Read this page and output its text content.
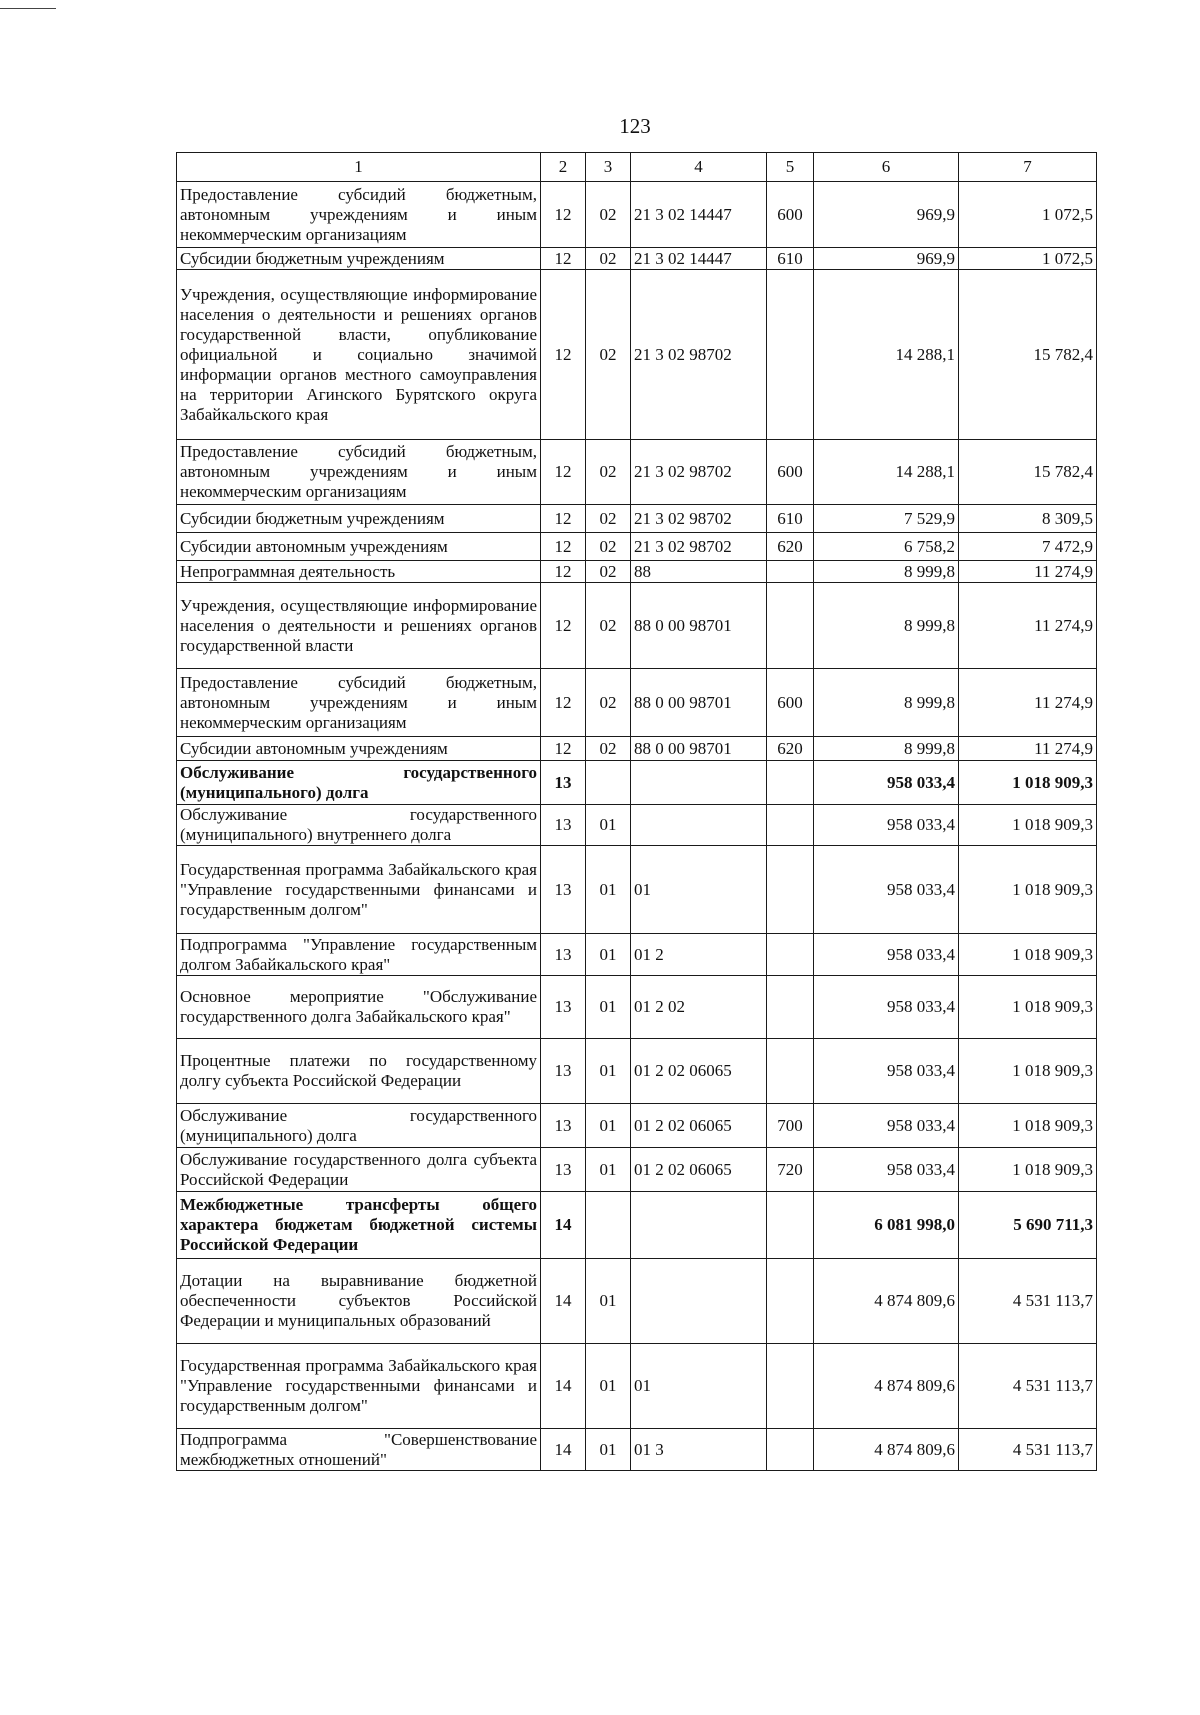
123
1	2	3	4	5	6	7
Предоставление субсидий бюджетным, автономным учреждениям и иным некоммерческим организациям	12	02	21 3 02 14447	600	969,9	1 072,5
Субсидии бюджетным учреждениям	12	02	21 3 02 14447	610	969,9	1 072,5
Учреждения, осуществляющие информирование населения о деятельности и решениях органов государственной власти, опубликование официальной и социально значимой информации органов местного самоуправления на территории Агинского Бурятского округа Забайкальского края	12	02	21 3 02 98702		14 288,1	15 782,4
Предоставление субсидий бюджетным, автономным учреждениям и иным некоммерческим организациям	12	02	21 3 02 98702	600	14 288,1	15 782,4
Субсидии бюджетным учреждениям	12	02	21 3 02 98702	610	7 529,9	8 309,5
Субсидии автономным учреждениям	12	02	21 3 02 98702	620	6 758,2	7 472,9
Непрограммная деятельность	12	02	88		8 999,8	11 274,9
Учреждения, осуществляющие информирование населения о деятельности и решениях органов государственной власти	12	02	88 0 00 98701		8 999,8	11 274,9
Предоставление субсидий бюджетным, автономным учреждениям и иным некоммерческим организациям	12	02	88 0 00 98701	600	8 999,8	11 274,9
Субсидии автономным учреждениям	12	02	88 0 00 98701	620	8 999,8	11 274,9
Обслуживание государственного (муниципального) долга	13				958 033,4	1 018 909,3
Обслуживание государственного (муниципального) внутреннего долга	13	01			958 033,4	1 018 909,3
Государственная программа Забайкальского края "Управление государственными финансами и государственным долгом"	13	01	01		958 033,4	1 018 909,3
Подпрограмма "Управление государственным долгом Забайкальского края"	13	01	01 2		958 033,4	1 018 909,3
Основное мероприятие "Обслуживание государственного долга Забайкальского края"	13	01	01 2 02		958 033,4	1 018 909,3
Процентные платежи по государственному долгу субъекта Российской Федерации	13	01	01 2 02 06065		958 033,4	1 018 909,3
Обслуживание государственного (муниципального) долга	13	01	01 2 02 06065	700	958 033,4	1 018 909,3
Обслуживание государственного долга субъекта Российской Федерации	13	01	01 2 02 06065	720	958 033,4	1 018 909,3
Межбюджетные трансферты общего характера бюджетам бюджетной системы Российской Федерации	14				6 081 998,0	5 690 711,3
Дотации на выравнивание бюджетной обеспеченности субъектов Российской Федерации и муниципальных образований	14	01			4 874 809,6	4 531 113,7
Государственная программа Забайкальского края "Управление государственными финансами и государственным долгом"	14	01	01		4 874 809,6	4 531 113,7
Подпрограмма "Совершенствование межбюджетных отношений"	14	01	01 3		4 874 809,6	4 531 113,7
